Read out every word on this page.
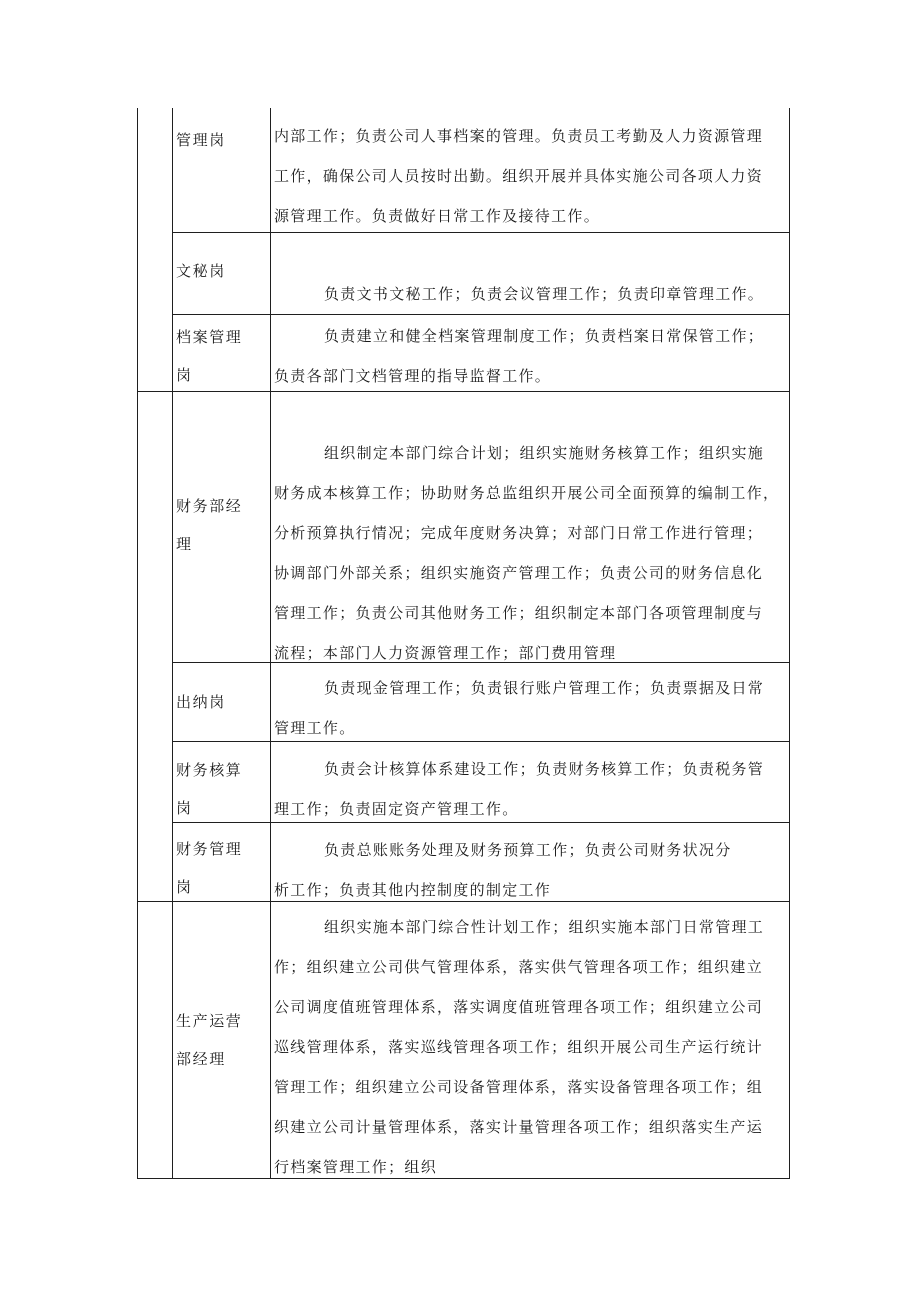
管理岗	内部工作；负责公司人事档案的管理。负责员工考勤及人力资源管理

工作，确保公司人员按时出勤。组织开展并具体实施公司各项人力资

源管理工作。负责做好日常工作及接待工作。

文秘岗

负责文书文秘工作；负责会议管理工作；负责印章管理工作。

档案管理
岗

负责建立和健全档案管理制度工作；负责档案日常保管工作；

负责各部门文档管理的指导监督工作。

财务部经
理

组织制定本部门综合计划；组织实施财务核算工作；组织实施

财务成本核算工作；协助财务总监组织开展公司全面预算的编制工作，

分析预算执行情况；完成年度财务决算；对部门日常工作进行管理；

协调部门外部关系；组织实施资产管理工作；负责公司的财务信息化

管理工作；负责公司其他财务工作；组织制定本部门各项管理制度与

流程；本部门人力资源管理工作；部门费用管理

出纳岗

负责现金管理工作；负责银行账户管理工作；负责票据及日常

管理工作。

财务核算
岗

负责会计核算体系建设工作；负责财务核算工作；负责税务管

理工作；负责固定资产管理工作。

财务管理
岗

负责总账账务处理及财务预算工作；负责公司财务状况分

析工作；负责其他内控制度的制定工作

生产运营
部经理

组织实施本部门综合性计划工作；组织实施本部门日常管理工

作；组织建立公司供气管理体系，落实供气管理各项工作；组织建立

公司调度值班管理体系，落实调度值班管理各项工作；组织建立公司

巡线管理体系，落实巡线管理各项工作；组织开展公司生产运行统计

管理工作；组织建立公司设备管理体系，落实设备管理各项工作；组

织建立公司计量管理体系，落实计量管理各项工作；组织落实生产运

行档案管理工作；组织
